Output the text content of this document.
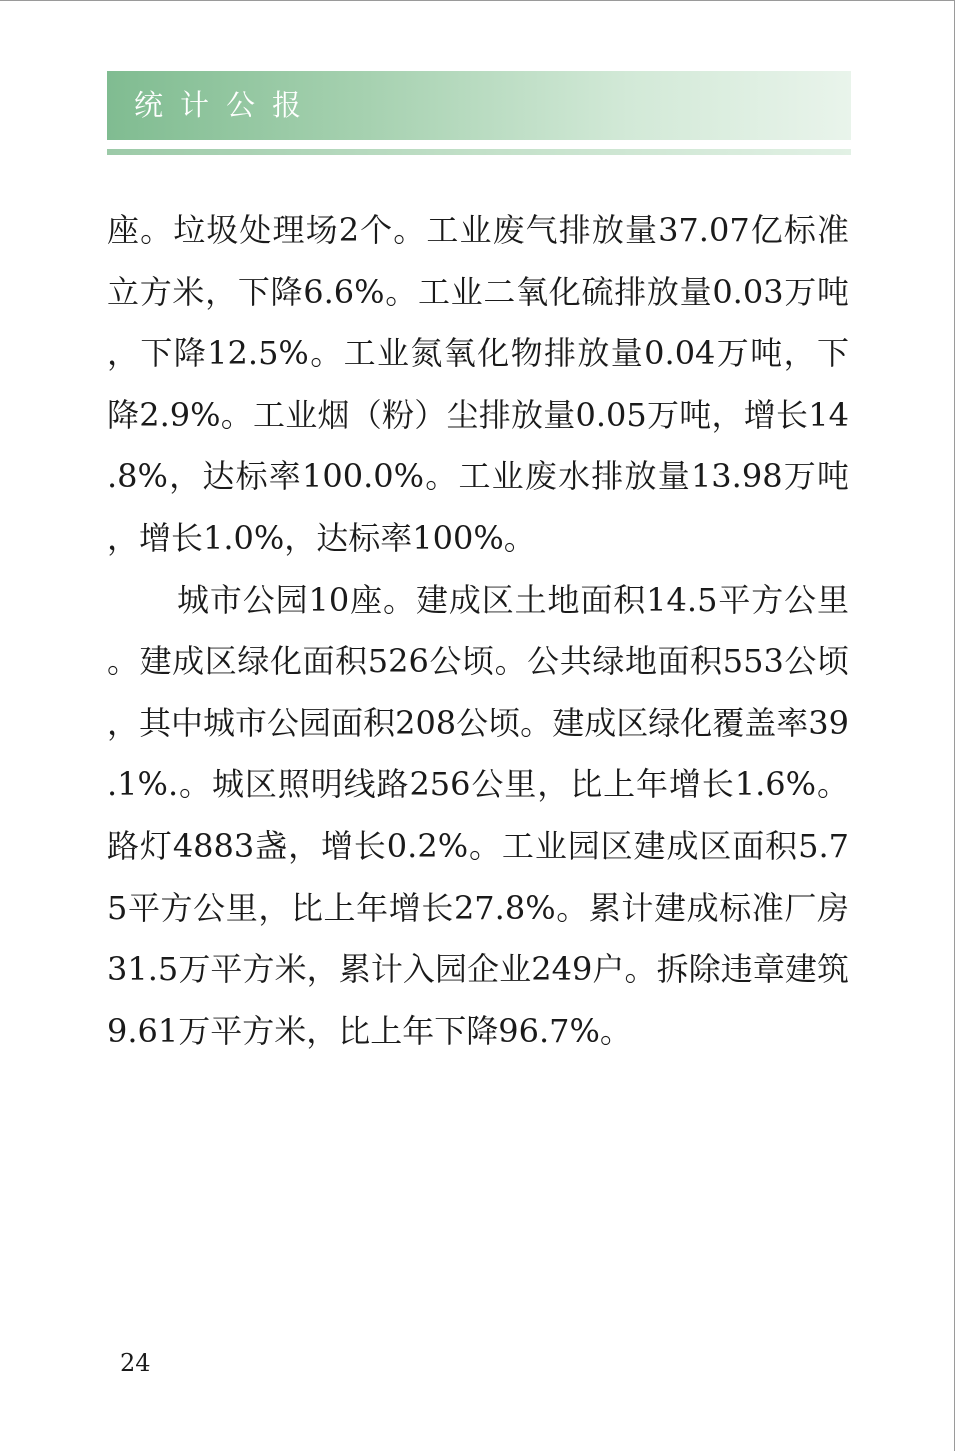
统计公报

座。垃圾处理场2个。工业废气排放量37.07亿标准立方米，下降6.6%。工业二氧化硫排放量0.03万吨，下降12.5%。工业氮氧化物排放量0.04万吨，下降2.9%。工业烟（粉）尘排放量0.05万吨，增长14.8%，达标率100.0%。工业废水排放量13.98万吨，增长1.0%，达标率100%。

城市公园10座。建成区土地面积14.5平方公里。建成区绿化面积526公顷。公共绿地面积553公顷，其中城市公园面积208公顷。建成区绿化覆盖率39.1%.。城区照明线路256公里，比上年增长1.6%。路灯4883盏，增长0.2%。工业园区建成区面积5.75平方公里，比上年增长27.8%。累计建成标准厂房31.5万平方米，累计入园企业249户。拆除违章建筑9.61万平方米，比上年下降96.7%。

24
